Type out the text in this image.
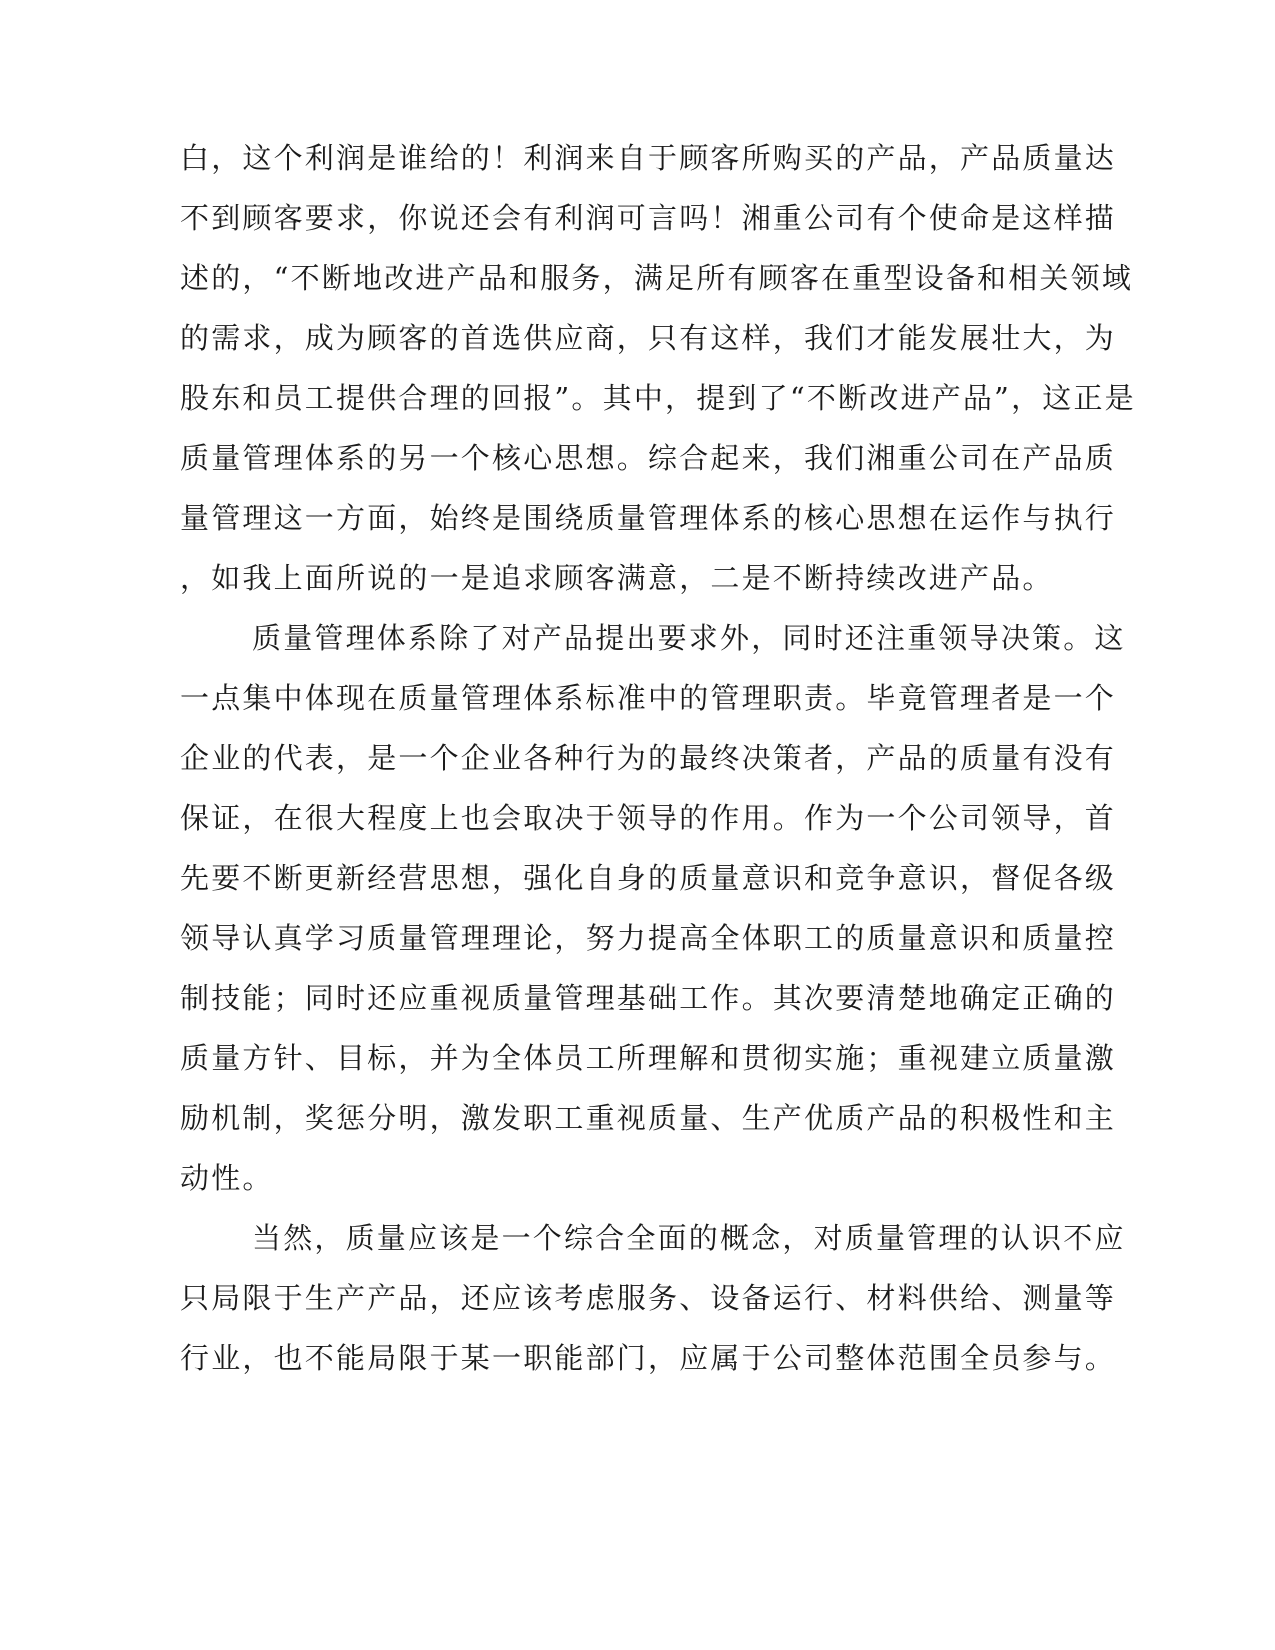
白，这个利润是谁给的！利润来自于顾客所购买的产品，产品质量达
不到顾客要求，你说还会有利润可言吗！湘重公司有个使命是这样描
述的，“不断地改进产品和服务，满足所有顾客在重型设备和相关领域
的需求，成为顾客的首选供应商，只有这样，我们才能发展壮大，为
股东和员工提供合理的回报”。其中，提到了“不断改进产品”，这正是
质量管理体系的另一个核心思想。综合起来，我们湘重公司在产品质
量管理这一方面，始终是围绕质量管理体系的核心思想在运作与执行
，如我上面所说的一是追求顾客满意，二是不断持续改进产品。
质量管理体系除了对产品提出要求外，同时还注重领导决策。这
一点集中体现在质量管理体系标准中的管理职责。毕竟管理者是一个
企业的代表，是一个企业各种行为的最终决策者，产品的质量有没有
保证，在很大程度上也会取决于领导的作用。作为一个公司领导，首
先要不断更新经营思想，强化自身的质量意识和竞争意识，督促各级
领导认真学习质量管理理论，努力提高全体职工的质量意识和质量控
制技能；同时还应重视质量管理基础工作。其次要清楚地确定正确的
质量方针、目标，并为全体员工所理解和贯彻实施；重视建立质量激
励机制，奖惩分明，激发职工重视质量、生产优质产品的积极性和主
动性。
当然，质量应该是一个综合全面的概念，对质量管理的认识不应
只局限于生产产品，还应该考虑服务、设备运行、材料供给、测量等
行业，也不能局限于某一职能部门，应属于公司整体范围全员参与。
